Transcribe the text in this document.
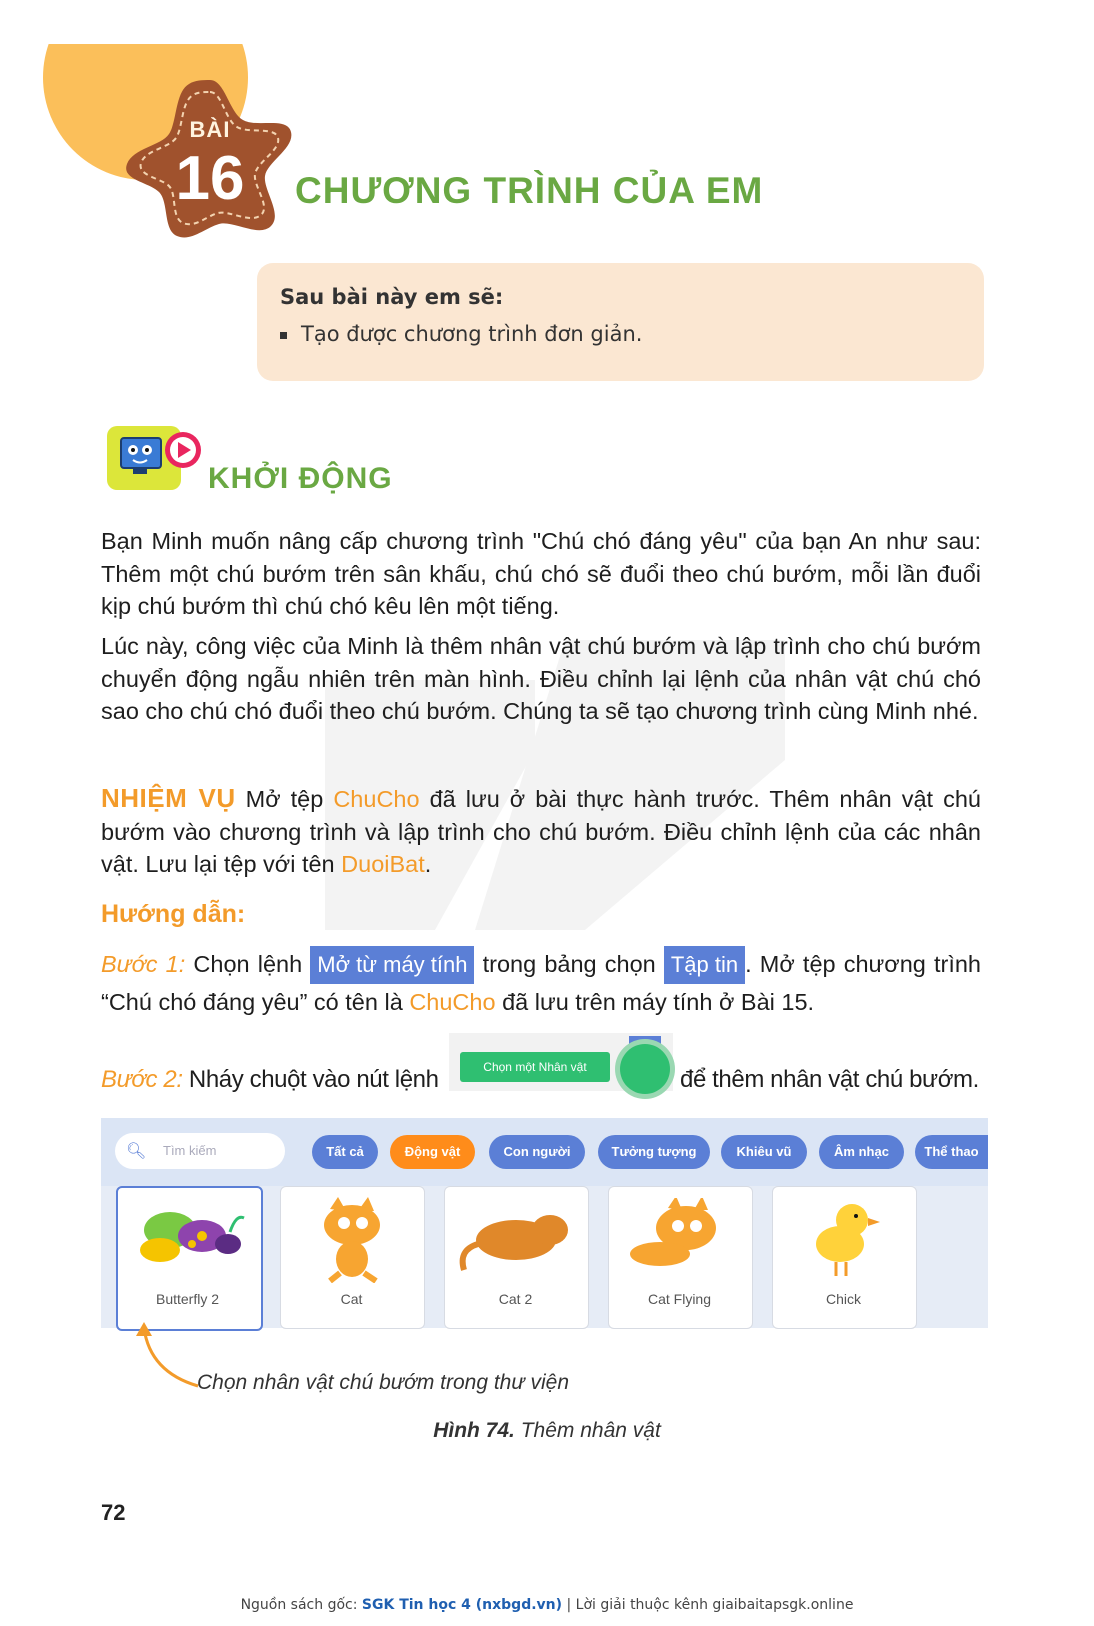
BÀI
16	CHƯƠNG TRÌNH CỦA EM
Sau bài này em sẽ:
Tạo được chương trình đơn giản.
KHỞI ĐỘNG
Bạn Minh muốn nâng cấp chương trình "Chú chó đáng yêu" của bạn An như sau: Thêm một chú bướm trên sân khấu, chú chó sẽ đuổi theo chú bướm, mỗi lần đuổi kịp chú bướm thì chú chó kêu lên một tiếng.
Lúc này, công việc của Minh là thêm nhân vật chú bướm và lập trình cho chú bướm chuyển động ngẫu nhiên trên màn hình. Điều chỉnh lại lệnh của nhân vật chú chó sao cho chú chó đuổi theo chú bướm. Chúng ta sẽ tạo chương trình cùng Minh nhé.
NHIỆM VỤ Mở tệp ChuCho đã lưu ở bài thực hành trước. Thêm nhân vật chú bướm vào chương trình và lập trình cho chú bướm. Điều chỉnh lệnh của các nhân vật. Lưu lại tệp với tên DuoiBat.
Hướng dẫn:
Bước 1: Chọn lệnh Mở từ máy tính trong bảng chọn Tập tin . Mở tệp chương trình “Chú chó đáng yêu” có tên là ChuCho đã lưu trên máy tính ở Bài 15.
Bước 2: Nháy chuột vào nút lệnh	Chọn một Nhân vật	để thêm nhân vật chú bướm.
🔍︎ Tìm kiếm	Tất cả	Động vật	Con người	Tưởng tượng	Khiêu vũ	Âm nhạc	Thể thao
Butterfly 2	Cat	Cat 2	Cat Flying	Chick
Chọn nhân vật chú bướm trong thư viện
Hình 74. Thêm nhân vật
72
Nguồn sách gốc: SGK Tin học 4 (nxbgd.vn) | Lời giải thuộc kênh giaibaitapsgk.online
